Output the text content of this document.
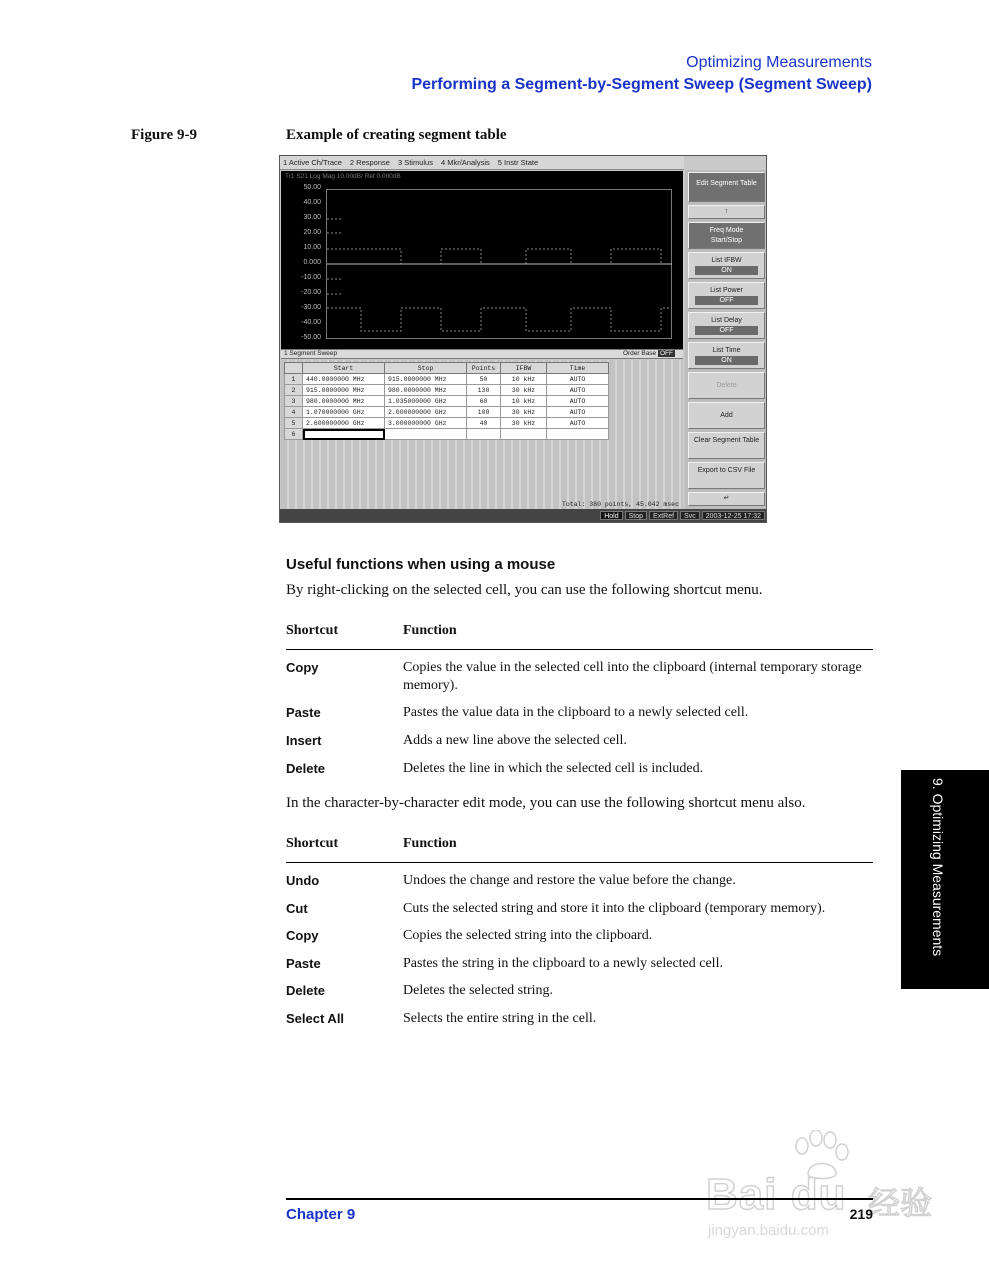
Optimizing Measurements
Performing a Segment-by-Segment Sweep (Segment Sweep)
Figure 9-9	Example of creating segment table
1 Active Ch/Trace 2 Response 3 Stimulus 4 Mkr/Analysis 5 Instr State
Tr1 S21 Log Mag 10.00dB/ Ref 0.000dB
50.00
40.00
30.00
20.00
10.00
0.000
-10.00
-20.00
-30.00
-40.00
-50.00
1 Segment Sweep	Order Base OFF
	Start	Stop	Points	IFBW	Time
1	440.0000000 MHz	915.0000000 MHz	50	10 kHz	AUTO
2	915.0000000 MHz	980.0000000 MHz	130	30 kHz	AUTO
3	980.0000000 MHz	1.035000000 GHz	60	10 kHz	AUTO
4	1.070000000 GHz	2.000000000 GHz	100	30 kHz	AUTO
5	2.600000000 GHz	3.000000000 GHz	40	30 kHz	AUTO
6					
Total: 380 points, 45.042 msec
Edit Segment Table
↑
Freq Mode
Start/Stop
List IFBW
ON
List Power
OFF
List Delay
OFF
List Time
ON
Delete
Add
Clear Segment Table
Export to CSV File
↵
Hold	Stop	ExtRef	Svc	2003-12-25 17:32
Useful functions when using a mouse
By right-clicking on the selected cell, you can use the following shortcut menu.
Shortcut	Function
Copy	Copies the value in the selected cell into the clipboard (internal temporary storage memory).
Paste	Pastes the value data in the clipboard to a newly selected cell.
Insert	Adds a new line above the selected cell.
Delete	Deletes the line in which the selected cell is included.
In the character-by-character edit mode, you can use the following shortcut menu also.
Shortcut	Function
Undo	Undoes the change and restore the value before the change.
Cut	Cuts the selected string and store it into the clipboard (temporary memory).
Copy	Copies the selected string into the clipboard.
Paste	Pastes the string in the clipboard to a newly selected cell.
Delete	Deletes the selected string.
Select All	Selects the entire string in the cell.
9. Optimizing Measurements
Bai du 经验
jingyan.baidu.com
Chapter 9	219
